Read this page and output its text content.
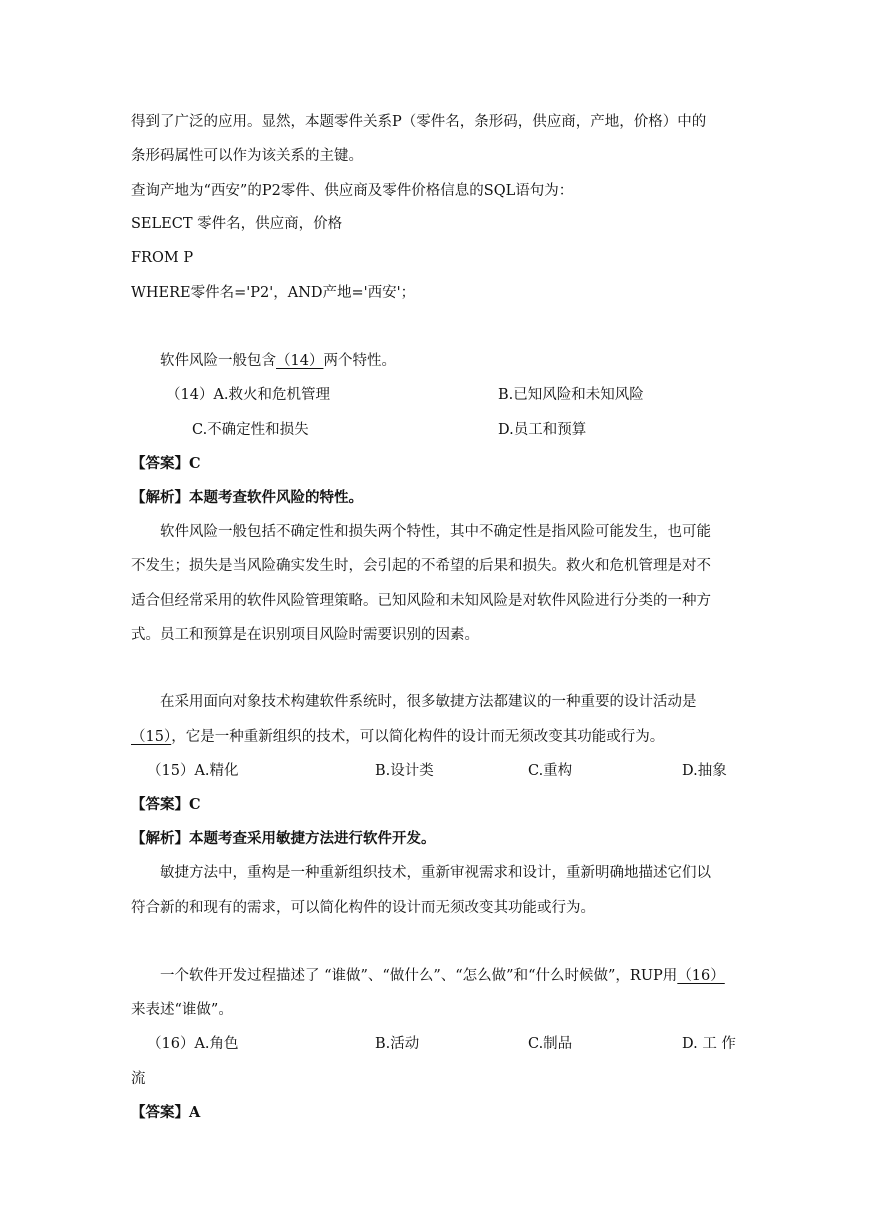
得到了广泛的应用。显然，本题零件关系P（零件名，条形码，供应商，产地，价格）中的
条形码属性可以作为该关系的主键。
查询产地为“西安”的P2零件、供应商及零件价格信息的SQL语句为：
SELECT 零件名，供应商，价格
FROM P
WHERE零件名='P2'，AND产地='西安'；
软件风险一般包含（14）两个特性。
（14）A.救火和危机管理	B.已知风险和未知风险
C.不确定性和损失	D.员工和预算
【答案】C
【解析】本题考查软件风险的特性。
软件风险一般包括不确定性和损失两个特性，其中不确定性是指风险可能发生，也可能
不发生；损失是当风险确实发生时，会引起的不希望的后果和损失。救火和危机管理是对不
适合但经常采用的软件风险管理策略。已知风险和未知风险是对软件风险进行分类的一种方
式。员工和预算是在识别项目风险时需要识别的因素。
在采用面向对象技术构建软件系统时，很多敏捷方法都建议的一种重要的设计活动是
（15），它是一种重新组织的技术，可以简化构件的设计而无须改变其功能或行为。
（15）A.精化	B.设计类	C.重构	D.抽象
【答案】C
【解析】本题考查采用敏捷方法进行软件开发。
敏捷方法中，重构是一种重新组织技术，重新审视需求和设计，重新明确地描述它们以
符合新的和现有的需求，可以简化构件的设计而无须改变其功能或行为。
一个软件开发过程描述了 “谁做”、“做什么”、“怎么做”和“什么时候做”，RUP用（16）
来表述“谁做”。
（16）A.角色	B.活动	C.制品	D. 工 作
流
【答案】A
